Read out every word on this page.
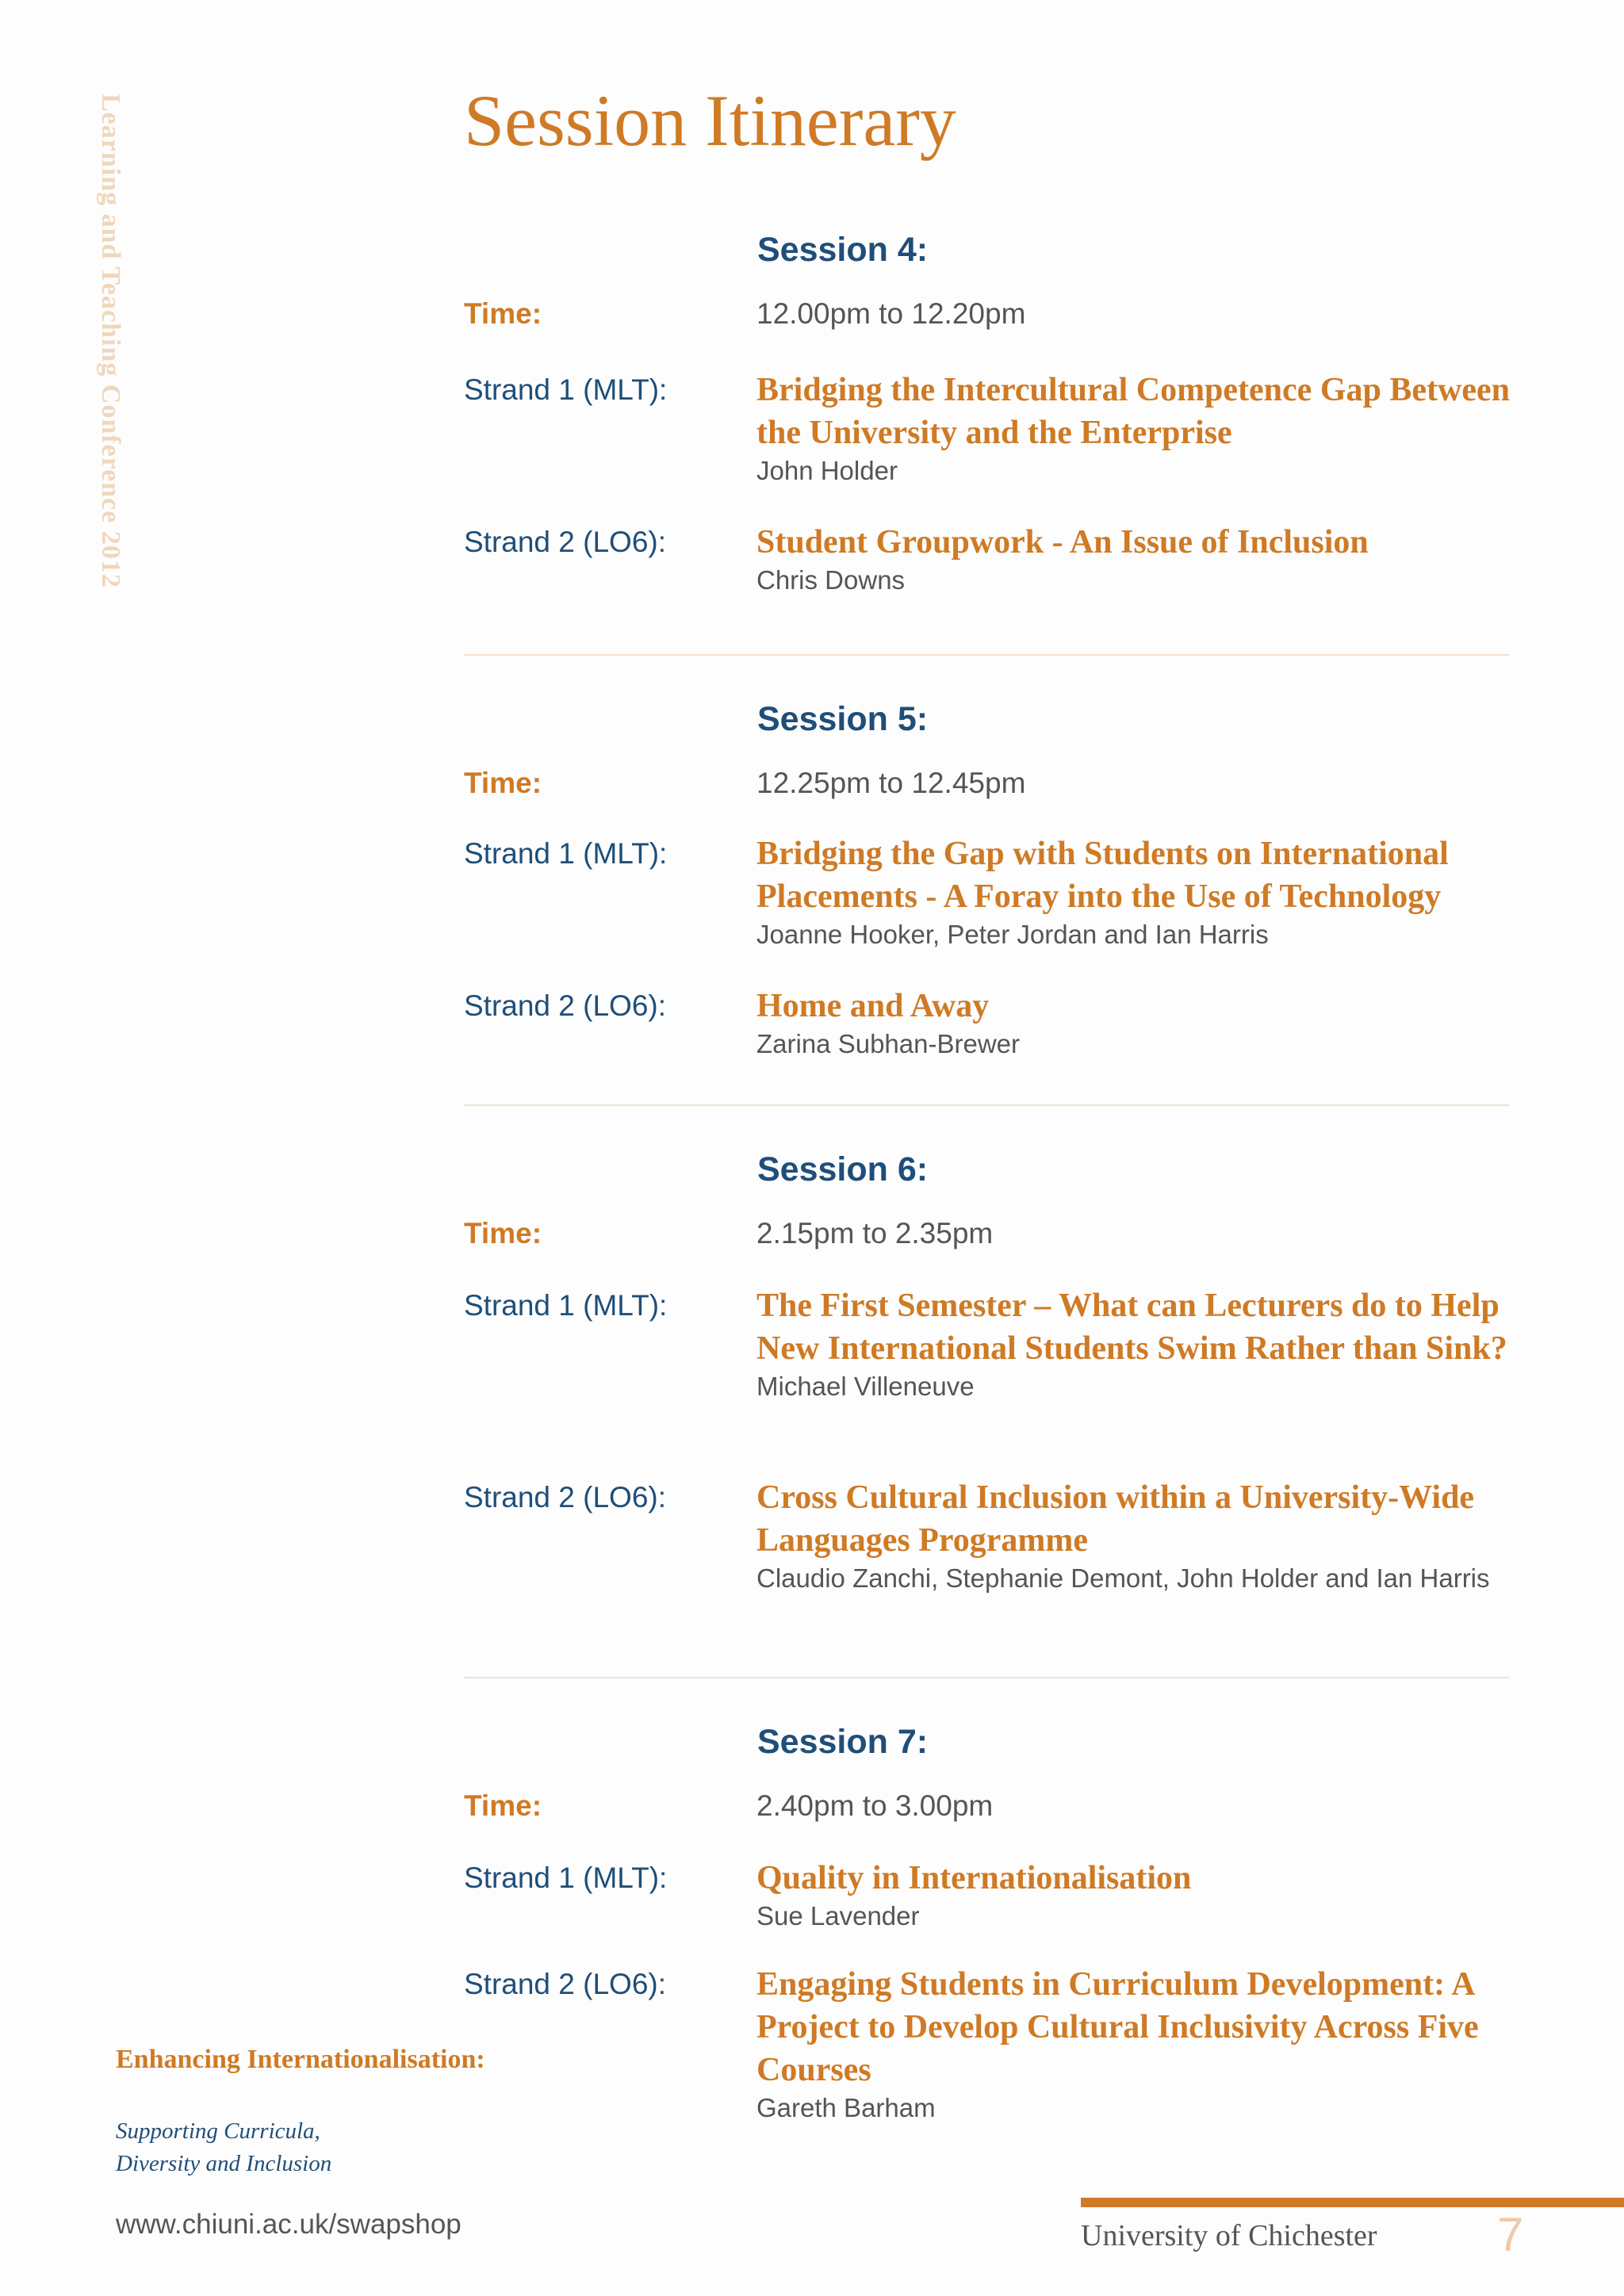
Learning and Teaching Conference 2012	Session Itinerary
Session 4:
Time:	12.00pm to 12.20pm
Strand 1 (MLT):	Bridging the Intercultural Competence Gap Between the University and the Enterprise
John Holder
Strand 2 (LO6):	Student Groupwork - An Issue of Inclusion
Chris Downs
Session 5:
Time:	12.25pm to 12.45pm
Strand 1 (MLT):	Bridging the Gap with Students on International Placements - A Foray into the Use of Technology
Joanne Hooker, Peter Jordan and Ian Harris
Strand 2 (LO6):	Home and Away
Zarina Subhan-Brewer
Session 6:
Time:	2.15pm to 2.35pm
Strand 1 (MLT):	The First Semester – What can Lecturers do to Help New International Students Swim Rather than Sink?
Michael Villeneuve
Strand 2 (LO6):	Cross Cultural Inclusion within a University-Wide Languages Programme
Claudio Zanchi, Stephanie Demont, John Holder and Ian Harris
Session 7:
Time:	2.40pm to 3.00pm
Strand 1 (MLT):	Quality in Internationalisation
Sue Lavender
Strand 2 (LO6):	Engaging Students in Curriculum Development: A Project to Develop Cultural Inclusivity Across Five Courses
Gareth Barham
Enhancing Internationalisation:
Supporting Curricula, Diversity and Inclusion
www.chiuni.ac.uk/swapshop	University of Chichester	7
